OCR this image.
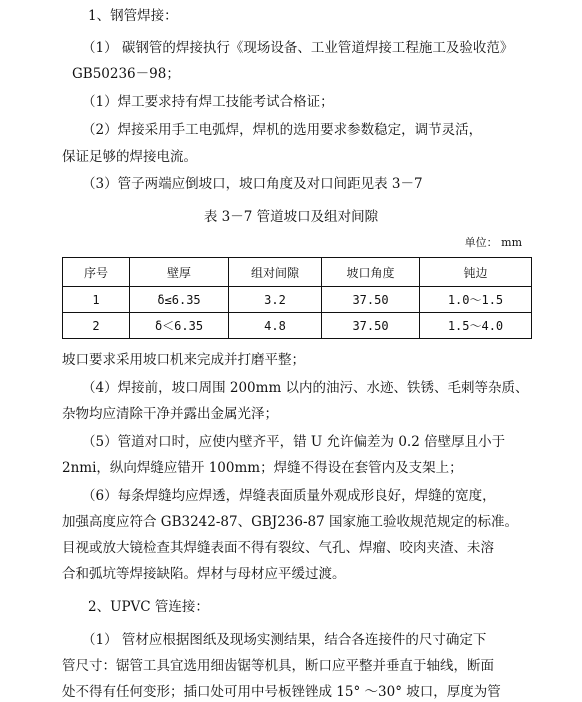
1、钢管焊接：
（1） 碳钢管的焊接执行《现场设备、工业管道焊接工程施工及验收范》
GB50236－98；
（1）焊工要求持有焊工技能考试合格证；
（2）焊接采用手工电弧焊，焊机的选用要求参数稳定，调节灵活，
保证足够的焊接电流。
（3）管子两端应倒坡口，坡口角度及对口间距见表 3－7
表 3－7 管道坡口及组对间隙
单位： mm
序号	壁厚	组对间隙	坡口角度	钝边
1	δ≤6.35	3.2	37.50	1.0～1.5
2	δ＜6.35	4.8	37.50	1.5～4.0
坡口要求采用坡口机来完成并打磨平整；
（4）焊接前，坡口周围 200mm 以内的油污、水迹、铁锈、毛刺等杂质、
杂物均应清除干净并露出金属光泽；
（5）管道对口时，应使内壁齐平，错 U 允许偏差为 0.2 倍壁厚且小于
2nmi，纵向焊缝应错开 100mm；焊缝不得设在套管内及支架上；
（6）每条焊缝均应焊透，焊缝表面质量外观成形良好，焊缝的宽度，
加强高度应符合 GB3242-87、GBJ236-87 国家施工验收规范规定的标准。
目视或放大镜检查其焊缝表面不得有裂纹、气孔、焊瘤、咬肉夹渣、未溶
合和弧坑等焊接缺陷。焊材与母材应平缓过渡。
2、UPVC 管连接：
（1） 管材应根据图纸及现场实测结果，结合各连接件的尺寸确定下
管尺寸：锯管工具宜选用细齿锯等机具，断口应平整并垂直于轴线，断面
处不得有任何变形；插口处可用中号板锉锉成 15° ～30° 坡口，厚度为管
